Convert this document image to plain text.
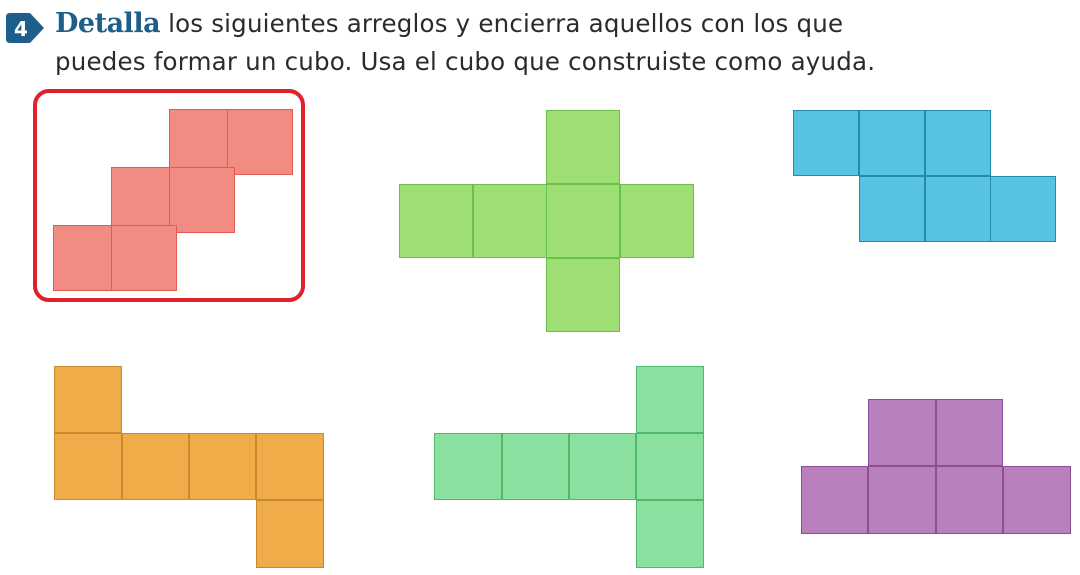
4 Detalla los siguientes arreglos y encierra aquellos con los que
puedes formar un cubo. Usa el cubo que construiste como ayuda.
